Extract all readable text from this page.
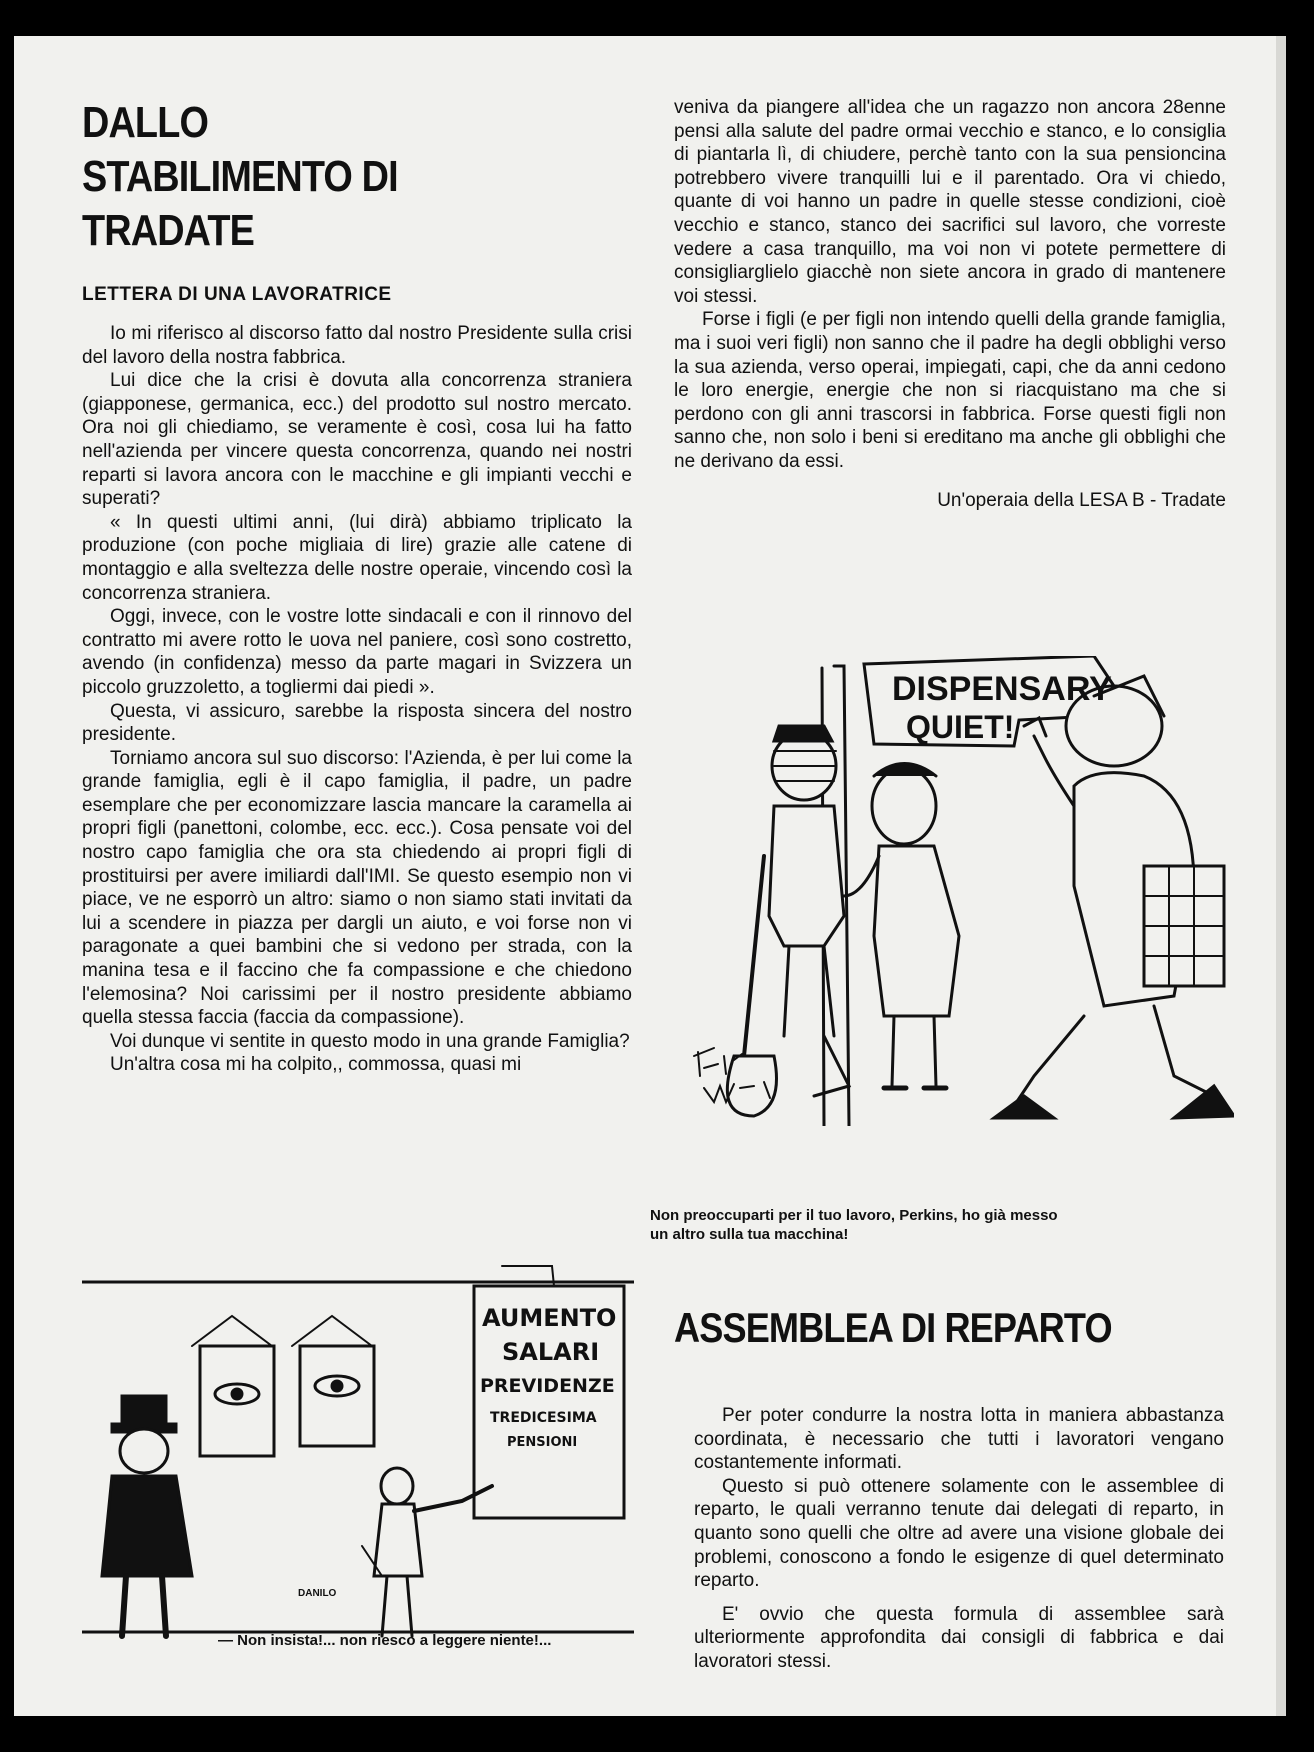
DALLO STABILIMENTO DI TRADATE
LETTERA DI UNA LAVORATRICE

Io mi riferisco al discorso fatto dal nostro Presidente sulla crisi del lavoro della nostra fabbrica.

Lui dice che la crisi è dovuta alla concorrenza straniera (giapponese, germanica, ecc.) del prodotto sul nostro mercato. Ora noi gli chiediamo, se veramente è così, cosa lui ha fatto nell'azienda per vincere questa concorrenza, quando nei nostri reparti si lavora ancora con le macchine e gli impianti vecchi e superati?

« In questi ultimi anni, (lui dirà) abbiamo triplicato la produzione (con poche migliaia di lire) grazie alle catene di montaggio e alla sveltezza delle nostre operaie, vincendo così la concorrenza straniera.

Oggi, invece, con le vostre lotte sindacali e con il rinnovo del contratto mi avere rotto le uova nel paniere, così sono costretto, avendo (in confidenza) messo da parte magari in Svizzera un piccolo gruzzoletto, a togliermi dai piedi ».

Questa, vi assicuro, sarebbe la risposta sincera del nostro presidente.

Torniamo ancora sul suo discorso: l'Azienda, è per lui come la grande famiglia, egli è il capo famiglia, il padre, un padre esemplare che per economizzare lascia mancare la caramella ai propri figli (panettoni, colombe, ecc. ecc.). Cosa pensate voi del nostro capo famiglia che ora sta chiedendo ai propri figli di prostituirsi per avere imiliardi dall'IMI. Se questo esempio non vi piace, ve ne esporrò un altro: siamo o non siamo stati invitati da lui a scendere in piazza per dargli un aiuto, e voi forse non vi paragonate a quei bambini che si vedono per strada, con la manina tesa e il faccino che fa compassione e che chiedono l'elemosina? Noi carissimi per il nostro presidente abbiamo quella stessa faccia (faccia da compassione).

Voi dunque vi sentite in questo modo in una grande Famiglia?

Un'altra cosa mi ha colpito,, commossa, quasi mi

veniva da piangere all'idea che un ragazzo non ancora 28enne pensi alla salute del padre ormai vecchio e stanco, e lo consiglia di piantarla lì, di chiudere, perchè tanto con la sua pensioncina potrebbero vivere tranquilli lui e il parentado. Ora vi chiedo, quante di voi hanno un padre in quelle stesse condizioni, cioè vecchio e stanco, stanco dei sacrifici sul lavoro, che vorreste vedere a casa tranquillo, ma voi non vi potete permettere di consigliarglielo giacchè non siete ancora in grado di mantenere voi stessi.

Forse i figli (e per figli non intendo quelli della grande famiglia, ma i suoi veri figli) non sanno che il padre ha degli obblighi verso la sua azienda, verso operai, impiegati, capi, che da anni cedono le loro energie, energie che non si riacquistano ma che si perdono con gli anni trascorsi in fabbrica. Forse questi figli non sanno che, non solo i beni si ereditano ma anche gli obblighi che ne derivano da essi.

Un'operaia della LESA B - Tradate
DISPENSARY
QUIET!
Non preoccuparti per il tuo lavoro, Perkins, ho già messo un altro sulla tua macchina!
ASSEMBLEA DI REPARTO

Per poter condurre la nostra lotta in maniera abbastanza coordinata, è necessario che tutti i lavoratori vengano costantemente informati.

Questo si può ottenere solamente con le assemblee di reparto, le quali verranno tenute dai delegati di reparto, in quanto sono quelli che oltre ad avere una visione globale dei problemi, conoscono a fondo le esigenze di quel determinato reparto.

E' ovvio che questa formula di assemblee sarà ulteriormente approfondita dai consigli di fabbrica e dai lavoratori stessi.

AUMENTO
SALARI
PREVIDENZE
TREDICESIMA
PENSIONI
DANILO
— Non insista!... non riesco a leggere niente!...
